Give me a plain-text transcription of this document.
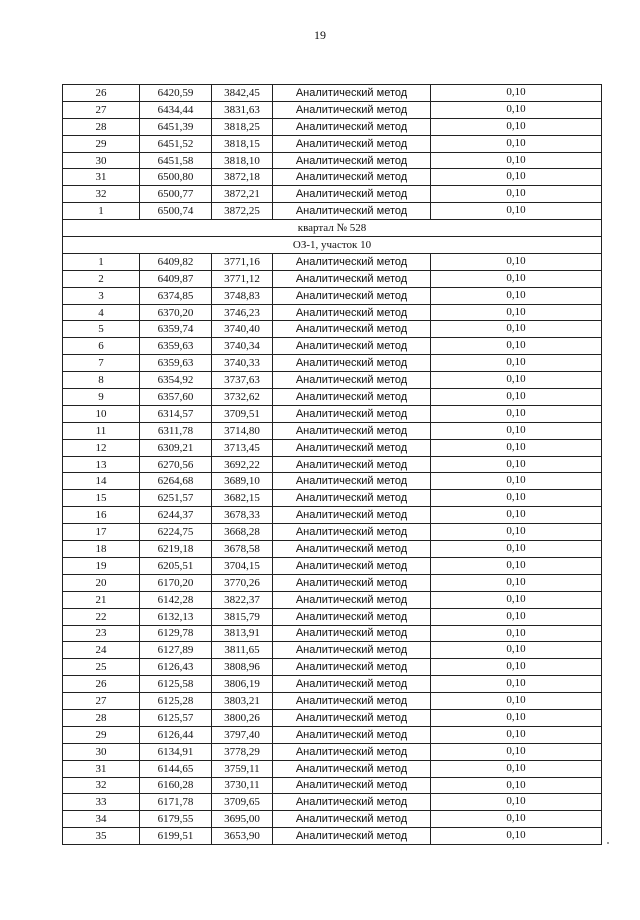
19
26	6420,59	3842,45	Аналитический метод	0,10
27	6434,44	3831,63	Аналитический метод	0,10
28	6451,39	3818,25	Аналитический метод	0,10
29	6451,52	3818,15	Аналитический метод	0,10
30	6451,58	3818,10	Аналитический метод	0,10
31	6500,80	3872,18	Аналитический метод	0,10
32	6500,77	3872,21	Аналитический метод	0,10
1	6500,74	3872,25	Аналитический метод	0,10
квартал № 528				
ОЗ-1, участок 10				
1	6409,82	3771,16	Аналитический метод	0,10
2	6409,87	3771,12	Аналитический метод	0,10
3	6374,85	3748,83	Аналитический метод	0,10
4	6370,20	3746,23	Аналитический метод	0,10
5	6359,74	3740,40	Аналитический метод	0,10
6	6359,63	3740,34	Аналитический метод	0,10
7	6359,63	3740,33	Аналитический метод	0,10
8	6354,92	3737,63	Аналитический метод	0,10
9	6357,60	3732,62	Аналитический метод	0,10
10	6314,57	3709,51	Аналитический метод	0,10
11	6311,78	3714,80	Аналитический метод	0,10
12	6309,21	3713,45	Аналитический метод	0,10
13	6270,56	3692,22	Аналитический метод	0,10
14	6264,68	3689,10	Аналитический метод	0,10
15	6251,57	3682,15	Аналитический метод	0,10
16	6244,37	3678,33	Аналитический метод	0,10
17	6224,75	3668,28	Аналитический метод	0,10
18	6219,18	3678,58	Аналитический метод	0,10
19	6205,51	3704,15	Аналитический метод	0,10
20	6170,20	3770,26	Аналитический метод	0,10
21	6142,28	3822,37	Аналитический метод	0,10
22	6132,13	3815,79	Аналитический метод	0,10
23	6129,78	3813,91	Аналитический метод	0,10
24	6127,89	3811,65	Аналитический метод	0,10
25	6126,43	3808,96	Аналитический метод	0,10
26	6125,58	3806,19	Аналитический метод	0,10
27	6125,28	3803,21	Аналитический метод	0,10
28	6125,57	3800,26	Аналитический метод	0,10
29	6126,44	3797,40	Аналитический метод	0,10
30	6134,91	3778,29	Аналитический метод	0,10
31	6144,65	3759,11	Аналитический метод	0,10
32	6160,28	3730,11	Аналитический метод	0,10
33	6171,78	3709,65	Аналитический метод	0,10
34	6179,55	3695,00	Аналитический метод	0,10
35	6199,51	3653,90	Аналитический метод	0,10
